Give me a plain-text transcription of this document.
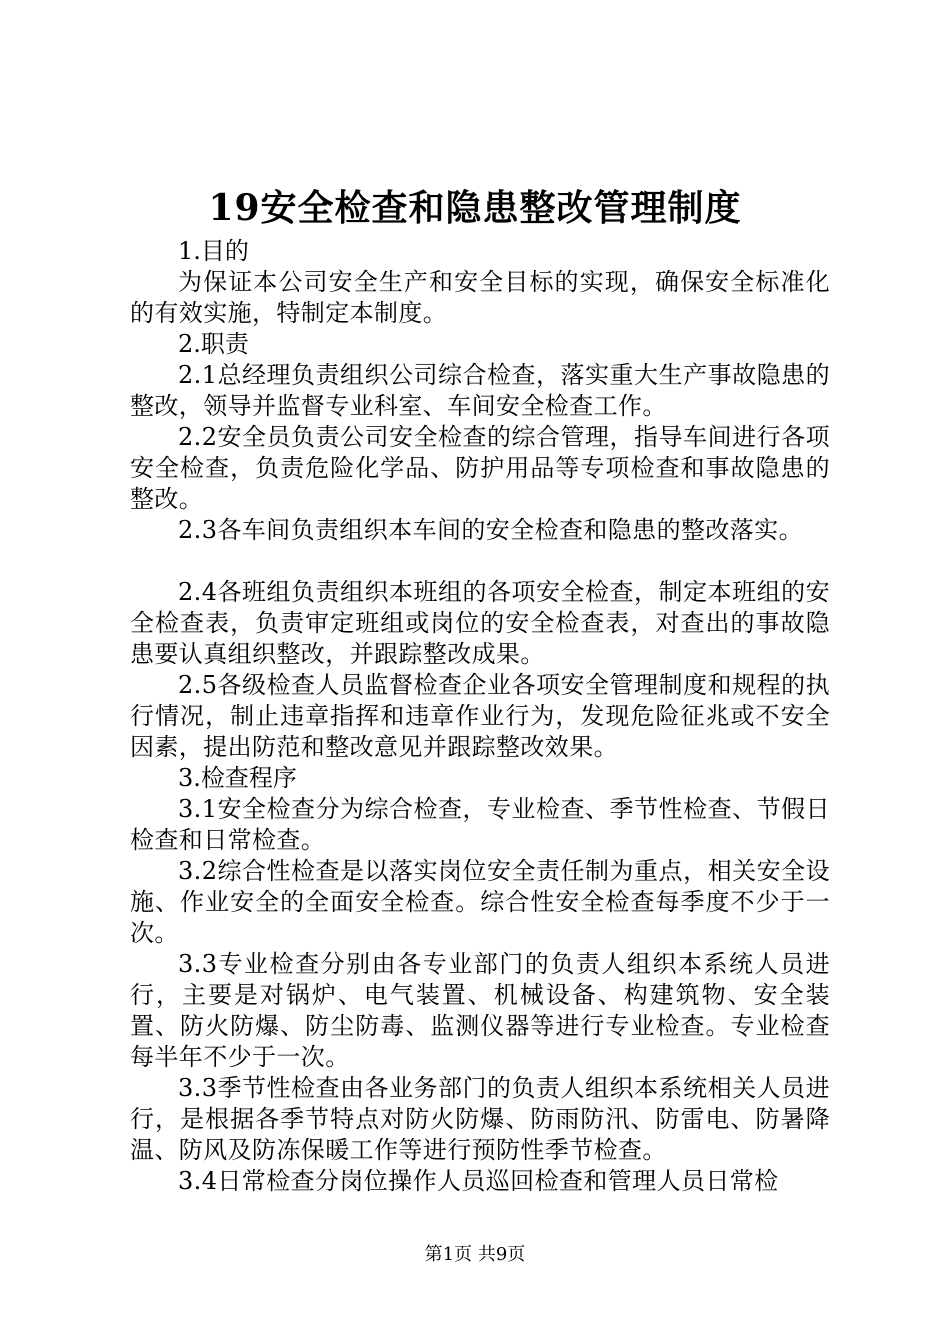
19安全检查和隐患整改管理制度

1.目的

为保证本公司安全生产和安全目标的实现，确保安全标准化的有效实施，特制定本制度。

2.职责

2.1总经理负责组织公司综合检查，落实重大生产事故隐患的整改，领导并监督专业科室、车间安全检查工作。

2.2安全员负责公司安全检查的综合管理，指导车间进行各项安全检查，负责危险化学品、防护用品等专项检查和事故隐患的整改。

2.3各车间负责组织本车间的安全检查和隐患的整改落实。

2.4各班组负责组织本班组的各项安全检查，制定本班组的安全检查表，负责审定班组或岗位的安全检查表，对查出的事故隐患要认真组织整改，并跟踪整改成果。

2.5各级检查人员监督检查企业各项安全管理制度和规程的执行情况，制止违章指挥和违章作业行为，发现危险征兆或不安全因素，提出防范和整改意见并跟踪整改效果。

3.检查程序

3.1安全检查分为综合检查，专业检查、季节性检查、节假日检查和日常检查。

3.2综合性检查是以落实岗位安全责任制为重点，相关安全设施、作业安全的全面安全检查。综合性安全检查每季度不少于一次。

3.3专业检查分别由各专业部门的负责人组织本系统人员进行，主要是对锅炉、电气装置、机械设备、构建筑物、安全装置、防火防爆、防尘防毒、监测仪器等进行专业检查。专业检查每半年不少于一次。

3.3季节性检查由各业务部门的负责人组织本系统相关人员进行，是根据各季节特点对防火防爆、防雨防汛、防雷电、防暑降温、防风及防冻保暖工作等进行预防性季节检查。

3.4日常检查分岗位操作人员巡回检查和管理人员日常检

第1页 共9页
